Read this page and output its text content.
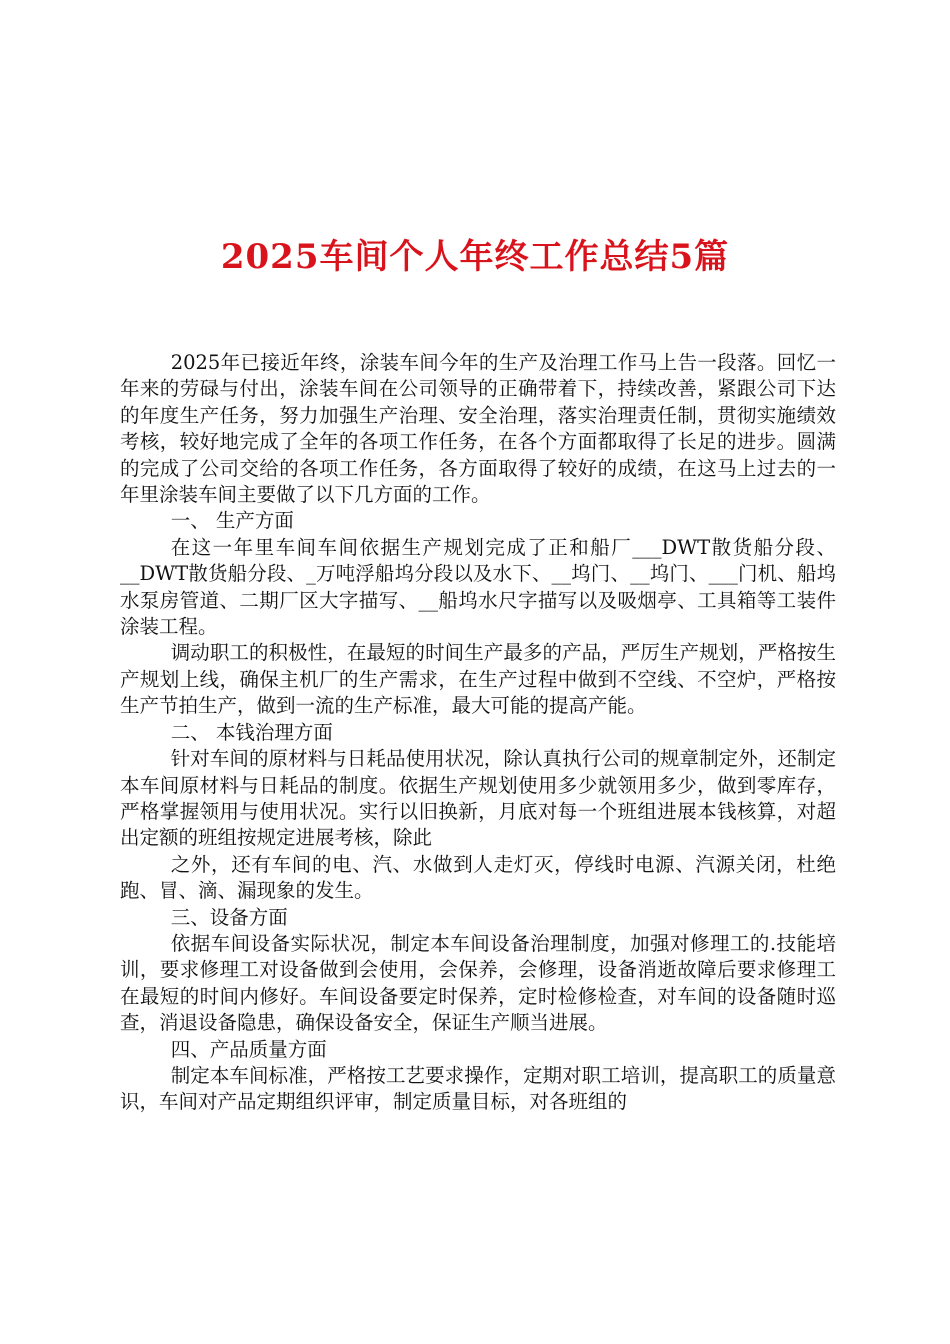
2025车间个人年终工作总结5篇

2025年已接近年终，涂装车间今年的生产及治理工作马上告一段落。回忆一年来的劳碌与付出，涂装车间在公司领导的正确带着下，持续改善，紧跟公司下达的年度生产任务，努力加强生产治理、安全治理，落实治理责任制，贯彻实施绩效考核，较好地完成了全年的各项工作任务，在各个方面都取得了长足的进步。圆满的完成了公司交给的各项工作任务，各方面取得了较好的成绩，在这马上过去的一年里涂装车间主要做了以下几方面的工作。

一、 生产方面

在这一年里车间车间依据生产规划完成了正和船厂___DWT散货船分段、__DWT散货船分段、_万吨浮船坞分段以及水下、__坞门、__坞门、___门机、船坞水泵房管道、二期厂区大字描写、__船坞水尺字描写以及吸烟亭、工具箱等工装件涂装工程。

调动职工的积极性，在最短的时间生产最多的产品，严厉生产规划，严格按生产规划上线，确保主机厂的生产需求，在生产过程中做到不空线、不空炉，严格按生产节拍生产，做到一流的生产标准，最大可能的提高产能。

二、 本钱治理方面

针对车间的原材料与日耗品使用状况，除认真执行公司的规章制定外，还制定本车间原材料与日耗品的制度。依据生产规划使用多少就领用多少，做到零库存，严格掌握领用与使用状况。实行以旧换新，月底对每一个班组进展本钱核算，对超出定额的班组按规定进展考核，除此

之外，还有车间的电、汽、水做到人走灯灭，停线时电源、汽源关闭，杜绝跑、冒、滴、漏现象的发生。

三、设备方面

依据车间设备实际状况，制定本车间设备治理制度，加强对修理工的.技能培训，要求修理工对设备做到会使用，会保养，会修理，设备消逝故障后要求修理工在最短的时间内修好。车间设备要定时保养，定时检修检查，对车间的设备随时巡查，消退设备隐患，确保设备安全，保证生产顺当进展。

四、产品质量方面

制定本车间标准，严格按工艺要求操作，定期对职工培训，提高职工的质量意识，车间对产品定期组织评审，制定质量目标，对各班组的
